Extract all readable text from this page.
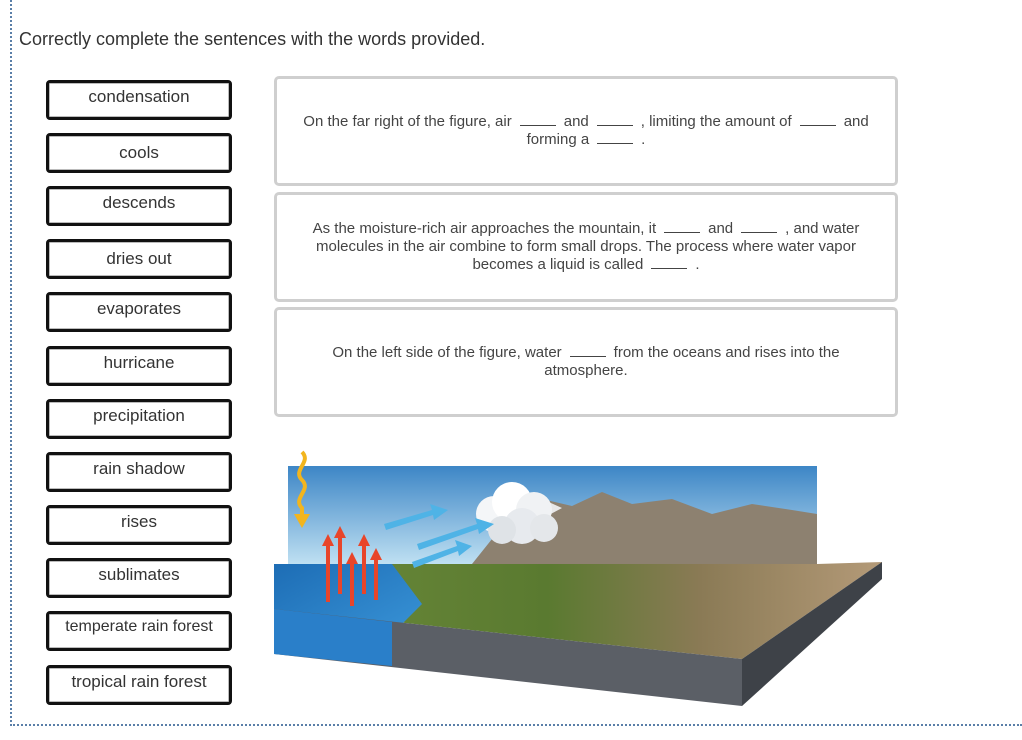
Correctly complete the sentences with the words provided.
condensation
cools
descends
dries out
evaporates
hurricane
precipitation
rain shadow
rises
sublimates
temperate rain forest
tropical rain forest
On the far right of the figure, air	and	, limiting the amount of	and forming a	.
As the moisture-rich air approaches the mountain, it	and	, and water molecules in the air combine to form small drops. The process where water vapor becomes a liquid is called	.
On the left side of the figure, water	from the oceans and rises into the atmosphere.
